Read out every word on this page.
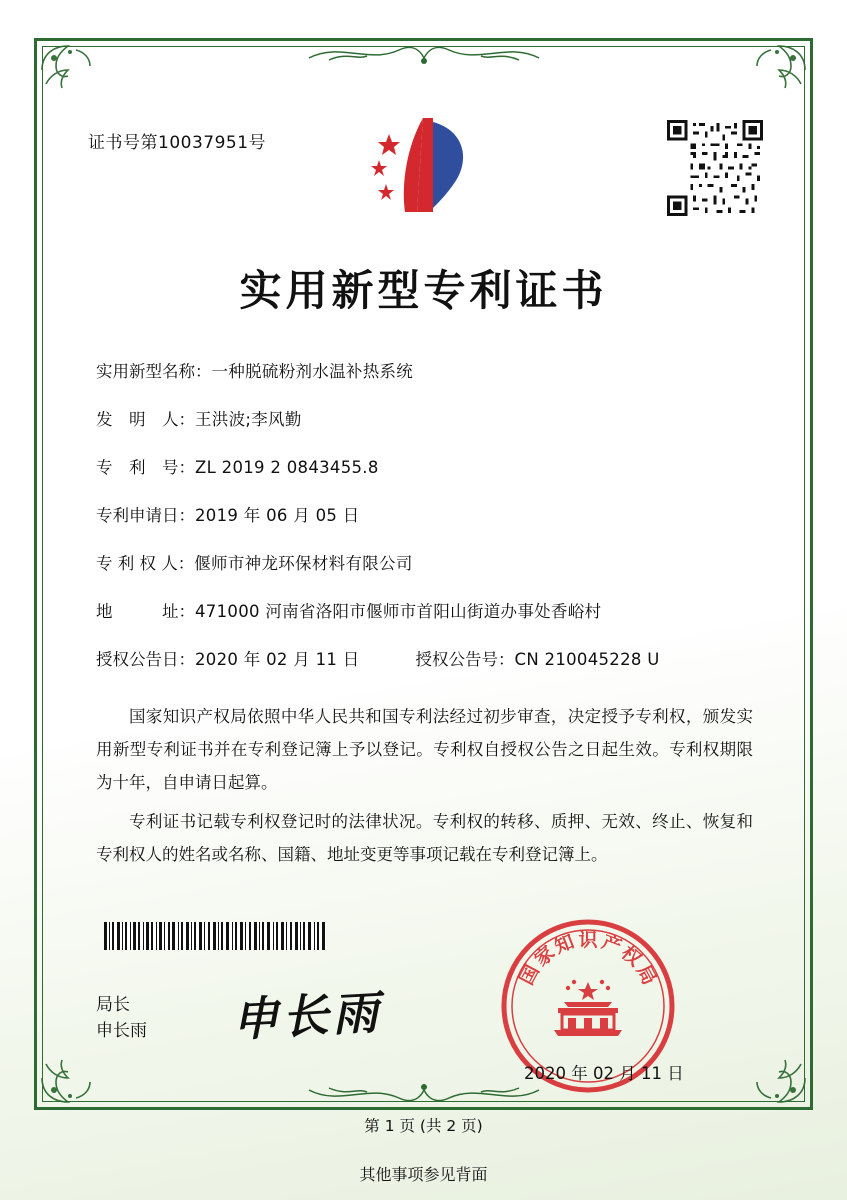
证书号第10037951号
实用新型专利证书
实用新型名称： 一种脱硫粉剂水温补热系统
发　明　人： 王洪波;李风勤
专　利　号： ZL 2019 2 0843455.8
专利申请日： 2019 年 06 月 05 日
专 利 权 人： 偃师市神龙环保材料有限公司
地　　　址： 471000 河南省洛阳市偃师市首阳山街道办事处香峪村
授权公告日： 2020 年 02 月 11 日	授权公告号： CN 210045228 U

国家知识产权局依照中华人民共和国专利法经过初步审查，决定授予专利权，颁发实用新型专利证书并在专利登记簿上予以登记。专利权自授权公告之日起生效。专利权期限为十年，自申请日起算。

专利证书记载专利权登记时的法律状况。专利权的转移、质押、无效、终止、恢复和专利权人的姓名或名称、国籍、地址变更等事项记载在专利登记簿上。

局长
申长雨 申长雨
国
家
知 识 产
权
局
2020 年 02 月 11 日
第 1 页 (共 2 页)
其他事项参见背面
